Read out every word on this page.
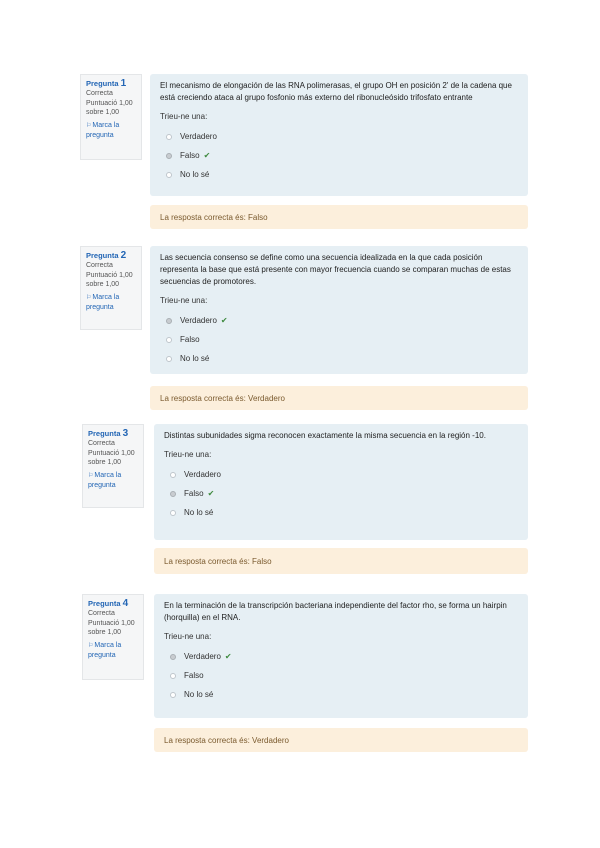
Pregunta 1
Correcta
Puntuació 1,00 sobre 1,00
⚐Marca la pregunta
El mecanismo de elongación de las RNA polimerasas, el grupo OH en posición 2' de la cadena que está creciendo ataca al grupo fosfonio más externo del ribonucleósido trifosfato entrante
Trieu-ne una:
Verdadero
Falso ✔
No lo sé
La resposta correcta és: Falso
Pregunta 2
Correcta
Puntuació 1,00 sobre 1,00
⚐Marca la pregunta
Las secuencia consenso se define como una secuencia idealizada en la que cada posición representa la base que está presente con mayor frecuencia cuando se comparan muchas de estas secuencias de promotores.
Trieu-ne una:
Verdadero ✔
Falso
No lo sé
La resposta correcta és: Verdadero
Pregunta 3
Correcta
Puntuació 1,00 sobre 1,00
⚐Marca la pregunta
Distintas subunidades sigma reconocen exactamente la misma secuencia en la región -10.
Trieu-ne una:
Verdadero
Falso ✔
No lo sé
La resposta correcta és: Falso
Pregunta 4
Correcta
Puntuació 1,00 sobre 1,00
⚐Marca la pregunta
En la terminación de la transcripción bacteriana independiente del factor rho, se forma un hairpin (horquilla) en el RNA.
Trieu-ne una:
Verdadero ✔
Falso
No lo sé
La resposta correcta és: Verdadero
